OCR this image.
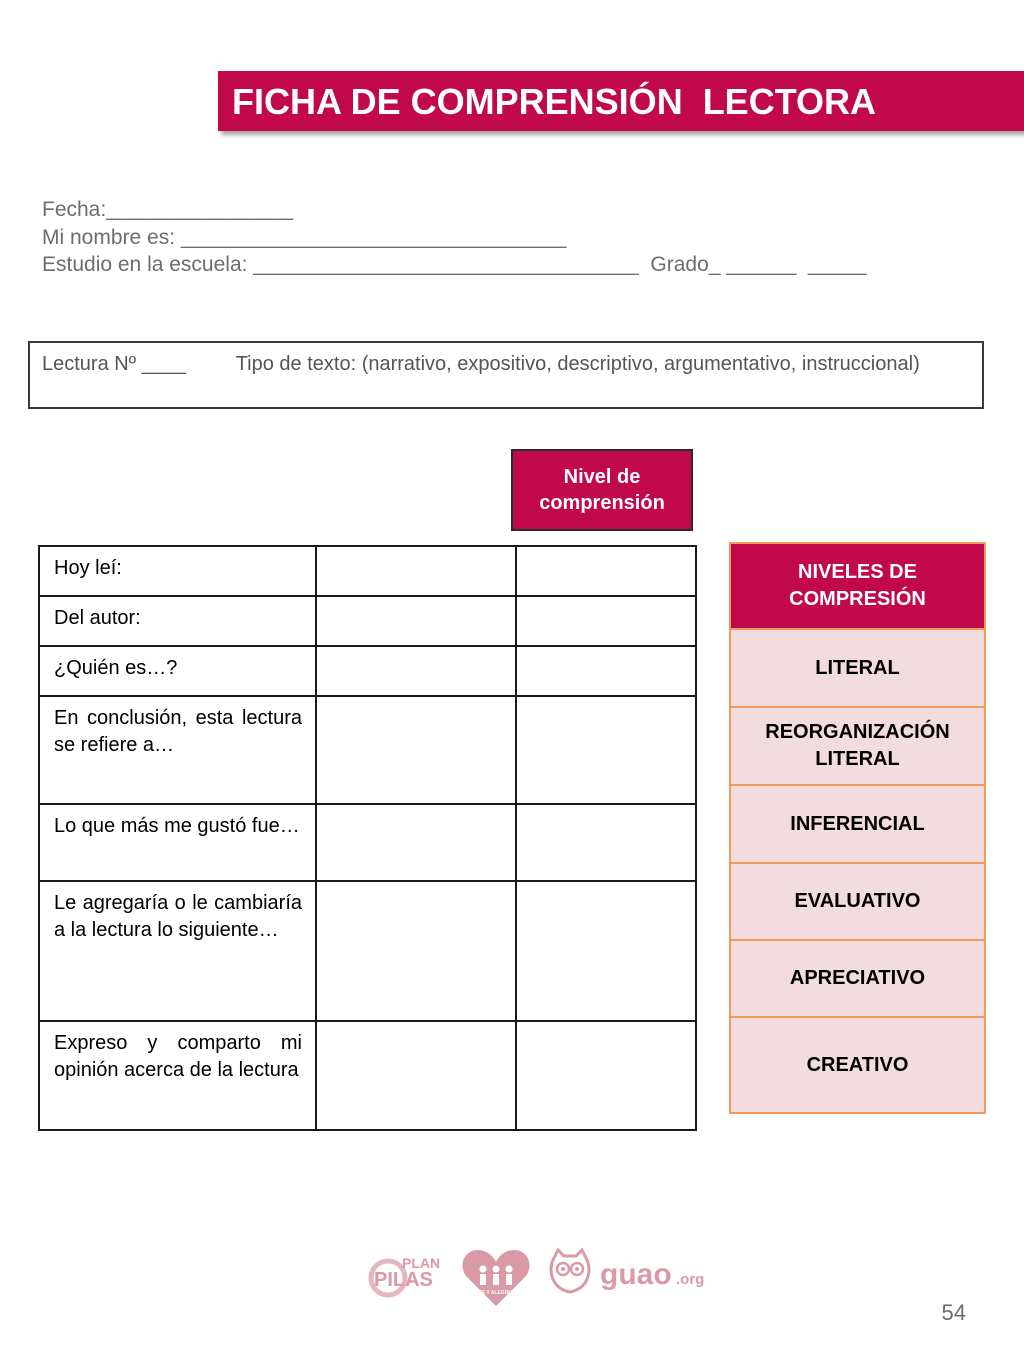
FICHA DE COMPRENSIÓN  LECTORA
Fecha:________________
Mi nombre es: _________________________________
Estudio en la escuela: _________________________________  Grado_ ______  _____
Lectura Nº ____         Tipo de texto: (narrativo, expositivo, descriptivo, argumentativo, instruccional)
Nivel de comprensión
Hoy leí:		

Del autor:		

¿Quién es…?		

En conclusión, esta lectura se refiere a…		

Lo que más me gustó fue…		

Le agregaría o le cambiaría a la lectura lo siguiente…		

Expreso y comparto mi opinión acerca de la lectura		

NIVELES DE COMPRESIÓN
LITERAL
REORGANIZACIÓN LITERAL
INFERENCIAL
EVALUATIVO
APRECIATIVO
CREATIVO
PLAN
PILAS
FE Y ALEGRIA
guao .org
54
